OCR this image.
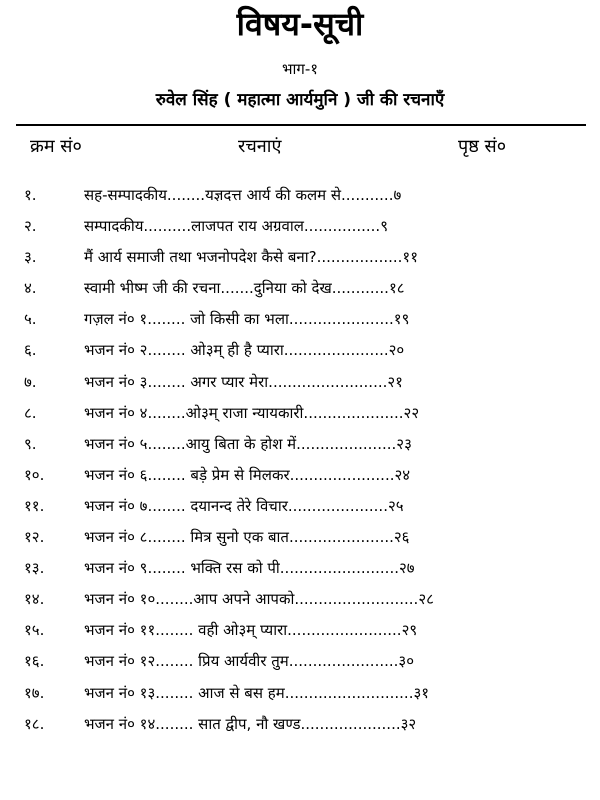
विषय-सूची
भाग-१
रुवेल सिंह ( महात्मा आर्यमुनि ) जी की रचनाएँ
क्रम सं०	रचनाएं	पृष्ठ सं०
१.	सह-सम्पादकीय........यज्ञदत्त आर्य की कलम से...........७
२.	सम्पादकीय..........लाजपत राय अग्रवाल................९
३.	मैं आर्य समाजी तथा भजनोपदेश कैसे बना?..................११
४.	स्वामी भीष्म जी की रचना.......दुनिया को देख............१८
५.	गज़ल नं० १........ जो किसी का भला......................१९
६.	भजन नं० २........ ओ३म् ही है प्यारा......................२०
७.	भजन नं० ३........ अगर प्यार मेरा.........................२१
८.	भजन नं० ४........ओ३म् राजा न्यायकारी.....................२२
९.	भजन नं० ५........आयु बिता के होश में.....................२३
१०.	भजन नं० ६........ बड़े प्रेम से मिलकर......................२४
११.	भजन नं० ७........ दयानन्द तेरे विचार.....................२५
१२.	भजन नं० ८........ मित्र सुनो एक बात......................२६
१३.	भजन नं० ९........ भक्ति रस को पी.........................२७
१४.	भजन नं० १०........आप अपने आपको..........................२८
१५.	भजन नं० ११........ वही ओ३म् प्यारा........................२९
१६.	भजन नं० १२........ प्रिय आर्यवीर तुम.......................३०
१७.	भजन नं० १३........ आज से बस हम...........................३१
१८.	भजन नं० १४........ सात द्वीप, नौ खण्ड.....................३२
